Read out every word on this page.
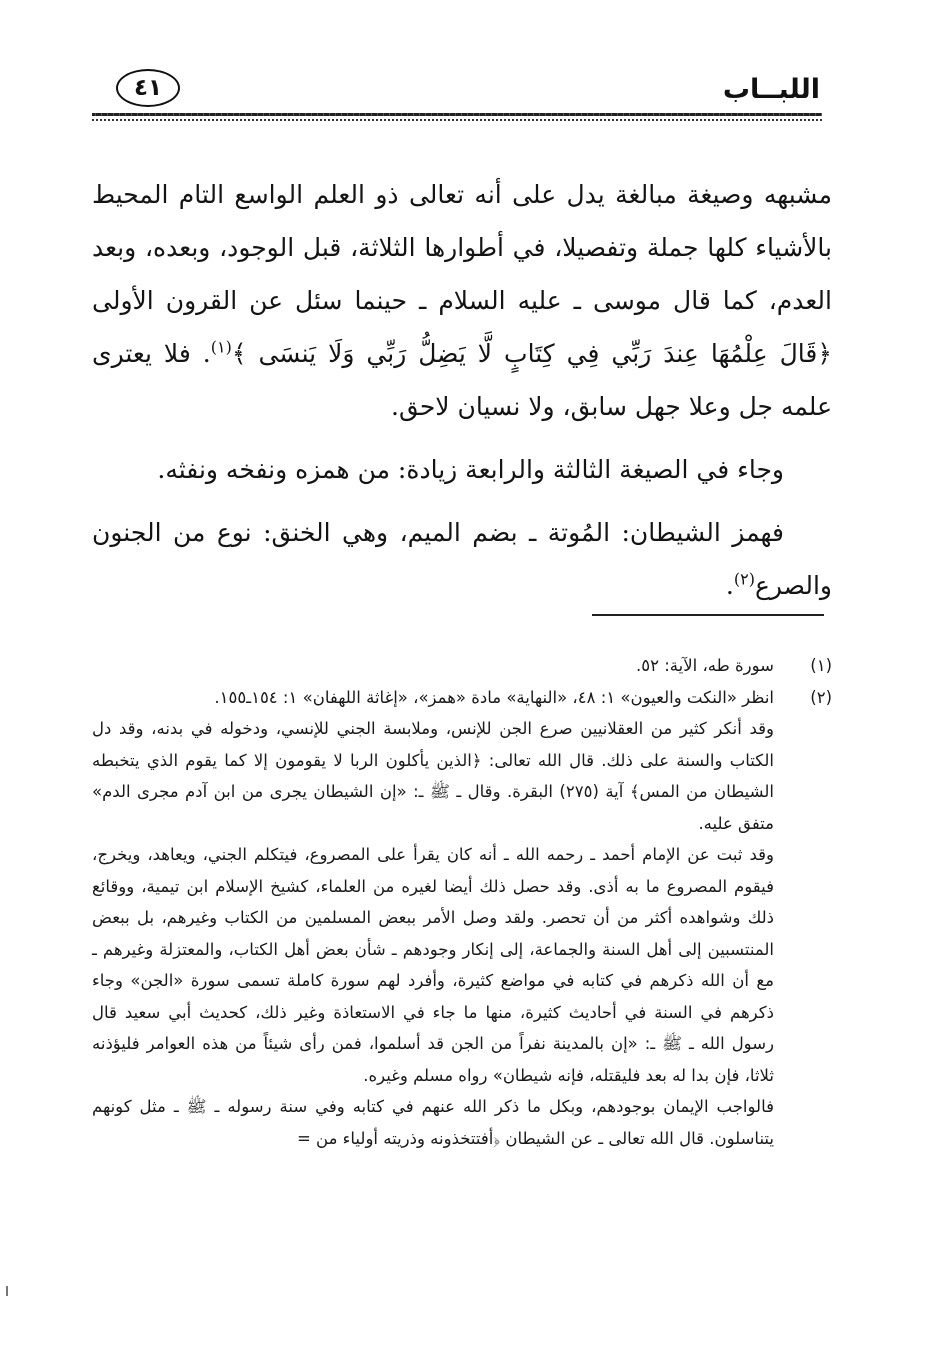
اللبــاب
٤١

مشبهه وصيغة مبالغة يدل على أنه تعالى ذو العلم الواسع التام المحيط بالأشياء كلها جملة وتفصيلا، في أطوارها الثلاثة، قبل الوجود، وبعده، وبعد العدم، كما قال موسى ـ عليه السلام ـ حينما سئل عن القرون الأولى ﴿قَالَ عِلْمُهَا عِندَ رَبِّي فِي كِتَابٍ لَّا يَضِلُّ رَبِّي وَلَا يَنسَى ﴾$^{(١)}$. فلا يعترى علمه جل وعلا جهل سابق، ولا نسيان لاحق.

وجاء في الصيغة الثالثة والرابعة زيادة: من همزه ونفخه ونفثه.

فهمز الشيطان: المُوتة ـ بضم الميم، وهي الخنق: نوع من الجنون والصرع$^{(٢)}$.

(١)

سورة طه، الآية: ٥٢.

(٢)

انظر «النكت والعيون» ١: ٤٨، «النهاية» مادة «همز»، «إغاثة اللهفان» ١: ١٥٤ـ١٥٥.

وقد أنكر كثير من العقلانيين صرع الجن للإنس، وملابسة الجني للإنسي، ودخوله في بدنه، وقد دل الكتاب والسنة على ذلك. قال الله تعالى: ﴿الذين يأكلون الربا لا يقومون إلا كما يقوم الذي يتخبطه الشيطان من المس﴾ آية (٢٧٥) البقرة. وقال ـ ﷺ ـ: «إن الشيطان يجرى من ابن آدم مجرى الدم» متفق عليه.

وقد ثبت عن الإمام أحمد ـ رحمه الله ـ أنه كان يقرأ على المصروع، فيتكلم الجني، ويعاهد، ويخرج، فيقوم المصروع ما به أذى. وقد حصل ذلك أيضا لغيره من العلماء، كشيخ الإسلام ابن تيمية، ووقائع ذلك وشواهده أكثر من أن تحصر. ولقد وصل الأمر ببعض المسلمين من الكتاب وغيرهم، بل ببعض المنتسبين إلى أهل السنة والجماعة، إلى إنكار وجودهم ـ شأن بعض أهل الكتاب، والمعتزلة وغيرهم ـ مع أن الله ذكرهم في كتابه في مواضع كثيرة، وأفرد لهم سورة كاملة تسمى سورة «الجن» وجاء ذكرهم في السنة في أحاديث كثيرة، منها ما جاء في الاستعاذة وغير ذلك، كحديث أبي سعيد قال رسول الله ـ ﷺ ـ: «إن بالمدينة نفراً من الجن قد أسلموا، فمن رأى شيئاً من هذه العوامر فليؤذنه ثلاثا، فإن بدا له بعد فليقتله، فإنه شيطان» رواه مسلم وغيره.

فالواجب الإيمان بوجودهم، وبكل ما ذكر الله عنهم في كتابه وفي سنة رسوله ـ ﷺ ـ مثل كونهم يتناسلون. قال الله تعالى ـ عن الشيطان ﴿أفتتخذونه وذريته أولياء من =
